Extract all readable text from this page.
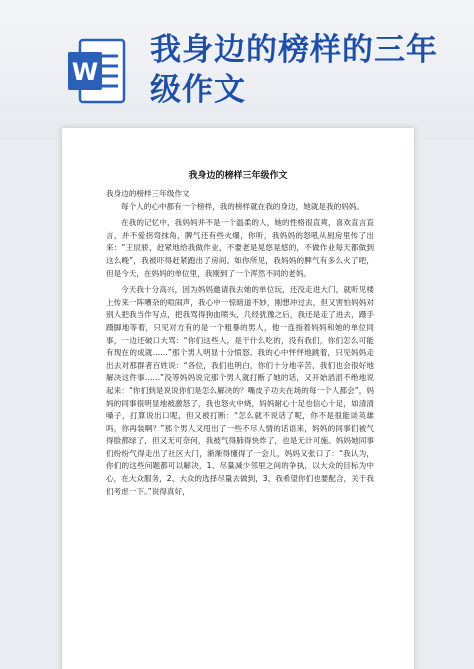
W
我身边的榜样的三年级作文
我身边的榜样三年级作文

我身边的榜样三年级作文

每个人的心中都有一个榜样，我的榜样就在我的身边，她就是我的妈妈。

在我的记忆中，我妈妈并不是一个温柔的人，她的性格很直爽，喜欢直言直言，并不爱拐弯抹角，脾气还有些火爆，你听，我妈妈的怒吼从厨房里传了出来：“王辰骄，赶紧地给我做作业，不要老是晃悠晃悠的，不做作业每天都做到这么晚”，我被吓得赶紧跑出了房间。如你所见，我妈妈的脾气有多么火了吧，但是今天，在妈妈的单位里，我刚到了一个浑然不同的老妈。

今天我十分高兴，因为妈妈邀请我去她的单位玩，还没走进大门，就听见楼上传来一阵嘈杂的喧闹声，我心中一惊暗道不妙，刚想冲过去，但又害怕妈妈对别人把我当作写点，把我骂得狗血喷头，几经犹豫之后，我还是走了进去，蹑手蹑脚地等着，只见对方有的是一个粗暴的男人，他一连指着妈妈和她的单位同事，一边还破口大骂：“你们这些人，是干什么吃的，没有我们，你们怎么可能有现在的成就……”那个男人明显十分愤怒。我的心中怦怦地跳着，只见妈妈走出去对那群者百姓说：“各位，我们也明白，你们十分地辛苦，我们也会很好地解决这件事……”没等妈妈说完那个男人就打断了她的话，又开始滔滔不绝地说起来：“你们到是说说你们是怎么解决的？嘴皮子功夫在场的每一个人都会”，妈妈的同事很明显地被激怒了，我也怒火中烧，妈妈耐心十足也信心十足，如清清嗓子，打算说出口呢，但又被打断：“怎么就不说话了呢，你不是很能谈英雄吗，你再装啊？”那个男人又甩出了一些不尽人情的话语来，妈妈的同事们被气得脸都绿了，但又无可奈何，我被气得肺得快炸了，也是无计可施。妈妈她同事们纷纷气得走出了社区大门，渐渐得懂得了一会儿，妈妈又张口了：“我认为，你们的这些问题都可以解决，1、尽量减少邻里之间的争执，以大众的目标为中心，在大众服务，2、大众的选择尽量去做到，3、我希望你们也要配合，关于我们考虑一下。”说得真好，
